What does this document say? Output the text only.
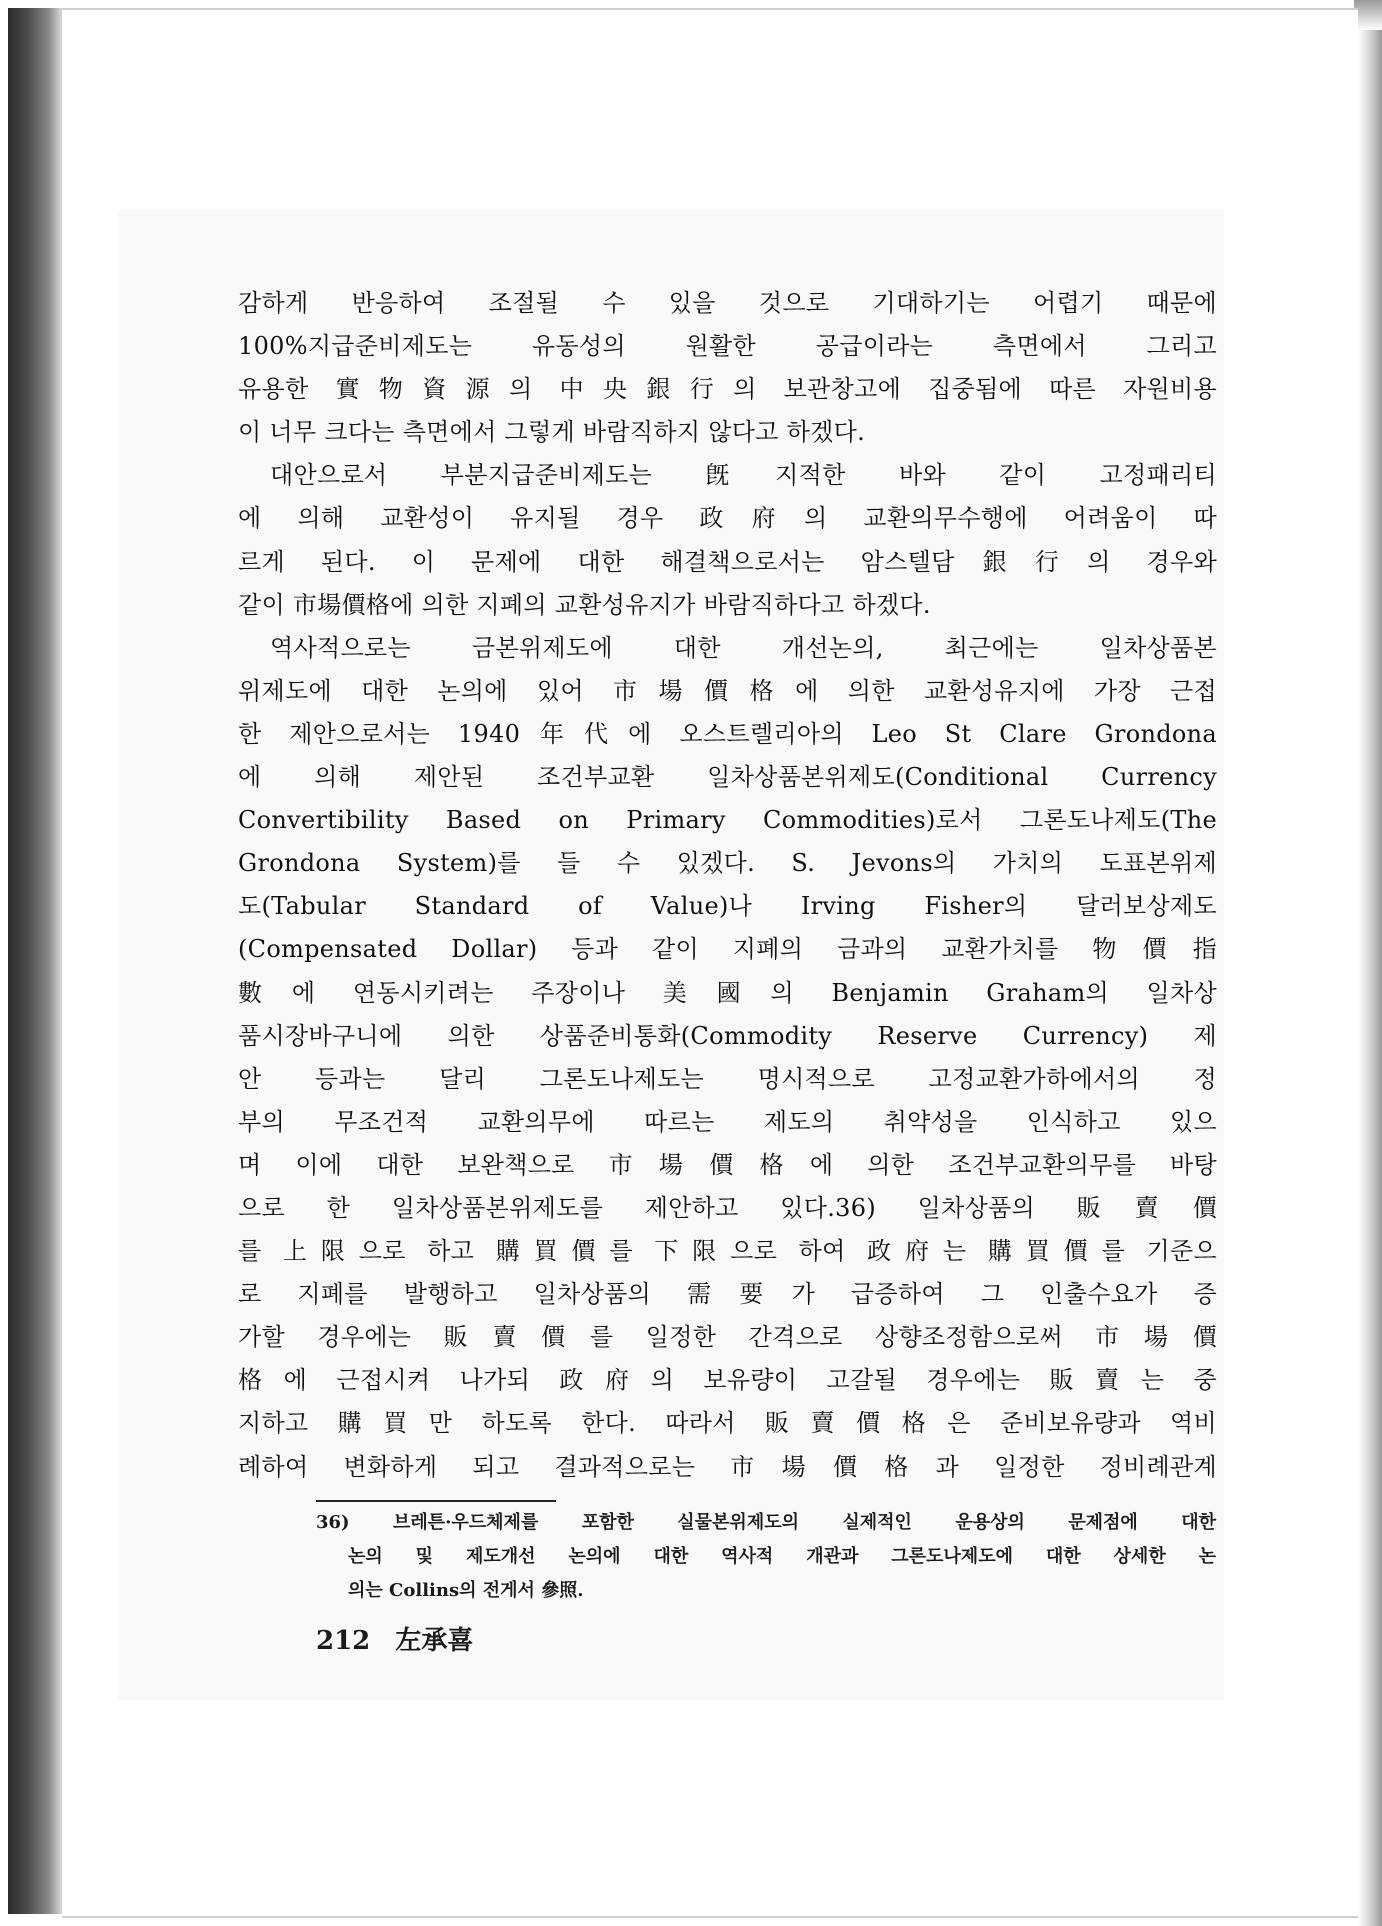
감하게 반응하여 조절될 수 있을 것으로 기대하기는 어렵기 때문에
100%지급준비제도는 유동성의 원활한 공급이라는 측면에서 그리고
유용한 實物資源의 中央銀行의 보관창고에 집중됨에 따른 자원비용
이 너무 크다는 측면에서 그렇게 바람직하지 않다고 하겠다.
대안으로서 부분지급준비제도는 旣지적한 바와 같이 고정패리티
에 의해 교환성이 유지될 경우 政府의 교환의무수행에 어려움이 따
르게 된다. 이 문제에 대한 해결책으로서는 암스텔담銀行의 경우와
같이 市場價格에 의한 지폐의 교환성유지가 바람직하다고 하겠다.
역사적으로는 금본위제도에 대한 개선논의, 최근에는 일차상품본
위제도에 대한 논의에 있어 市場價格에 의한 교환성유지에 가장 근접
한 제안으로서는 1940年代에 오스트렐리아의 Leo St Clare Grondona
에 의해 제안된 조건부교환 일차상품본위제도(Conditional Currency
Convertibility Based on Primary Commodities)로서 그론도나제도(The
Grondona System)를 들 수 있겠다. S. Jevons의 가치의 도표본위제
도(Tabular Standard of Value)나 Irving Fisher의 달러보상제도
(Compensated Dollar) 등과 같이 지폐의 금과의 교환가치를 物價指
數에 연동시키려는 주장이나 美國의 Benjamin Graham의 일차상
품시장바구니에 의한 상품준비통화(Commodity Reserve Currency) 제
안 등과는 달리 그론도나제도는 명시적으로 고정교환가하에서의 정
부의 무조건적 교환의무에 따르는 제도의 취약성을 인식하고 있으
며 이에 대한 보완책으로 市場價格에 의한 조건부교환의무를 바탕
으로 한 일차상품본위제도를 제안하고 있다.36) 일차상품의 販賣價
를 上限으로 하고 購買價를 下限으로 하여 政府는 購買價를 기준으
로 지폐를 발행하고 일차상품의 需要가 급증하여 그 인출수요가 증
가할 경우에는 販賣價를 일정한 간격으로 상향조정함으로써 市場價
格에 근접시켜 나가되 政府의 보유량이 고갈될 경우에는 販賣는 중
지하고 購買만 하도록 한다. 따라서 販賣價格은 준비보유량과 역비
례하여 변화하게 되고 결과적으로는 市場價格과 일정한 정비례관계
36) 브레튼·우드체제를 포함한 실물본위제도의 실제적인 운용상의 문제점에 대한
논의 및 제도개선 논의에 대한 역사적 개관과 그론도나제도에 대한 상세한 논
의는 Collins의 전게서 參照.
212 左承喜
